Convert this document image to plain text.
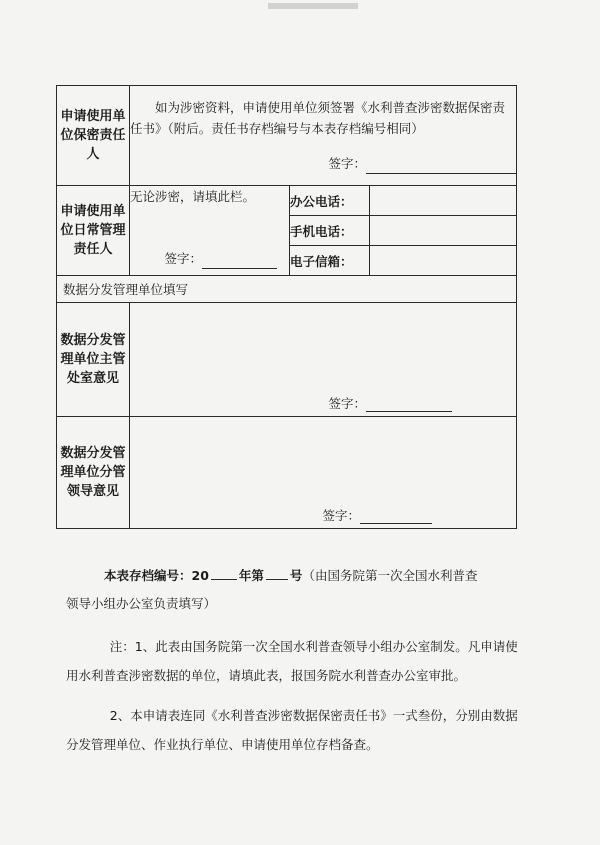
申请使用单位保密责任人	如为涉密资料，申请使用单位须签署《水利普查涉密数据保密责任书》（附后。责任书存档编号与本表存档编号相同）
签字：		

申请使用单位日常管理责任人	无论涉密，请填此栏。
签字：	办公电话：	
		手机电话：	
		电子信箱：	
数据分发管理单位填写			
数据分发管理单位主管处室意见	签字：		
数据分发管理单位分管领导意见	签字：		
本表存档编号：20 年第 号（由国务院第一次全国水利普查
领导小组办公室负责填写）
注：1、此表由国务院第一次全国水利普查领导小组办公室制发。凡申请使用水利普查涉密数据的单位，请填此表，报国务院水利普查办公室审批。
2、本申请表连同《水利普查涉密数据保密责任书》一式叁份，分别由数据分发管理单位、作业执行单位、申请使用单位存档备查。
